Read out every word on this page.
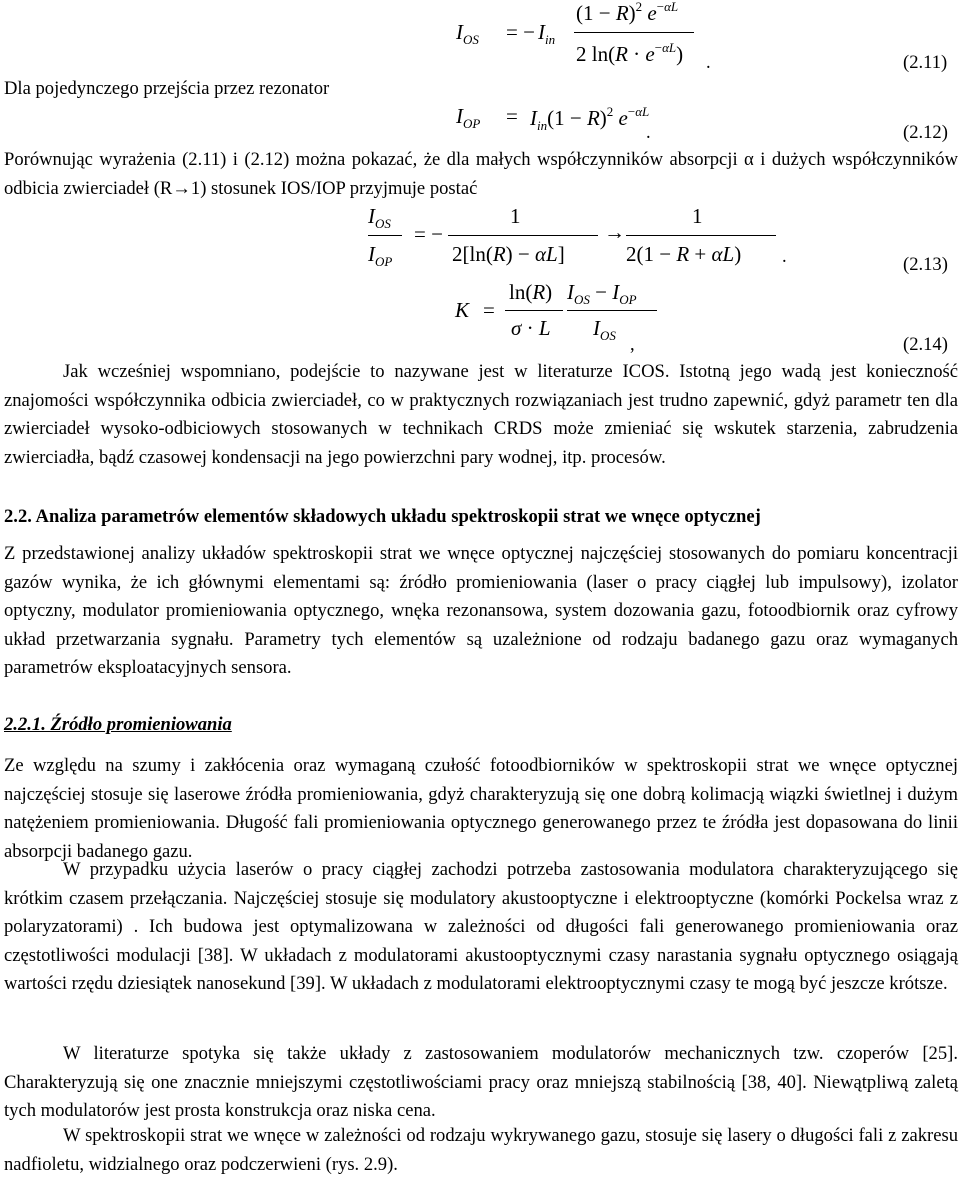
$I_{OS}$ = − $I_{in}$
$(1 - R)^2$ $e^{-\alpha L}$
2 $\ln(R \cdot e^{-\alpha L})$ .	(2.11)
Dla pojedynczego przejścia przez rezonator
$I_{OP} = I_{in}(1 - R)^2$ $e^{-\alpha L}$
.	(2.12)

Porównując wyrażenia (2.11) i (2.12) można pokazać, że dla małych współczynników absorpcji α i dużych współczynników odbicia zwierciadeł (R→1) stosunek IOS/IOP przyjmuje postać

$I_{OS}$
$I_{OP}$
= −
1
2[ln(R) − αL]
→
1
2(1 − R + αL) .	(2.13)
K =
ln(R)
σ · L
$I_{OS} - I_{OP}$
$I_{OS}$ ,	(2.14)

Jak wcześniej wspomniano, podejście to nazywane jest w literaturze ICOS. Istotną jego wadą jest konieczność znajomości współczynnika odbicia zwierciadeł, co w praktycznych rozwiązaniach jest trudno zapewnić, gdyż parametr ten dla zwierciadeł wysoko-odbiciowych stosowanych w technikach CRDS może zmieniać się wskutek starzenia, zabrudzenia zwierciadła, bądź czasowej kondensacji na jego powierzchni pary wodnej, itp. procesów.

2.2. Analiza parametrów elementów składowych układu spektroskopii strat we wnęce optycznej

Z przedstawionej analizy układów spektroskopii strat we wnęce optycznej najczęściej stosowanych do pomiaru koncentracji gazów wynika, że ich głównymi elementami są: źródło promieniowania (laser o pracy ciągłej lub impulsowy), izolator optyczny, modulator promieniowania optycznego, wnęka rezonansowa, system dozowania gazu, fotoodbiornik oraz cyfrowy układ przetwarzania sygnału. Parametry tych elementów są uzależnione od rodzaju badanego gazu oraz wymaganych parametrów eksploatacyjnych sensora.

2.2.1. Źródło promieniowania

Ze względu na szumy i zakłócenia oraz wymaganą czułość fotoodbiorników w spektroskopii strat we wnęce optycznej najczęściej stosuje się laserowe źródła promieniowania, gdyż charakteryzują się one dobrą kolimacją wiązki świetlnej i dużym natężeniem promieniowania. Długość fali promieniowania optycznego generowanego przez te źródła jest dopasowana do linii absorpcji badanego gazu.

W przypadku użycia laserów o pracy ciągłej zachodzi potrzeba zastosowania modulatora charakteryzującego się krótkim czasem przełączania. Najczęściej stosuje się modulatory akustooptyczne i elektrooptyczne (komórki Pockelsa wraz z polaryzatorami) . Ich budowa jest optymalizowana w zależności od długości fali generowanego promieniowania oraz częstotliwości modulacji [38]. W układach z modulatorami akustooptycznymi czasy narastania sygnału optycznego osiągają wartości rzędu dziesiątek nanosekund [39]. W układach z modulatorami elektrooptycznymi czasy te mogą być jeszcze krótsze.

W literaturze spotyka się także układy z zastosowaniem modulatorów mechanicznych tzw. czoperów [25]. Charakteryzują się one znacznie mniejszymi częstotliwościami pracy oraz mniejszą stabilnością [38, 40]. Niewątpliwą zaletą tych modulatorów jest prosta konstrukcja oraz niska cena.

W spektroskopii strat we wnęce w zależności od rodzaju wykrywanego gazu, stosuje się lasery o długości fali z zakresu nadfioletu, widzialnego oraz podczerwieni (rys. 2.9).
